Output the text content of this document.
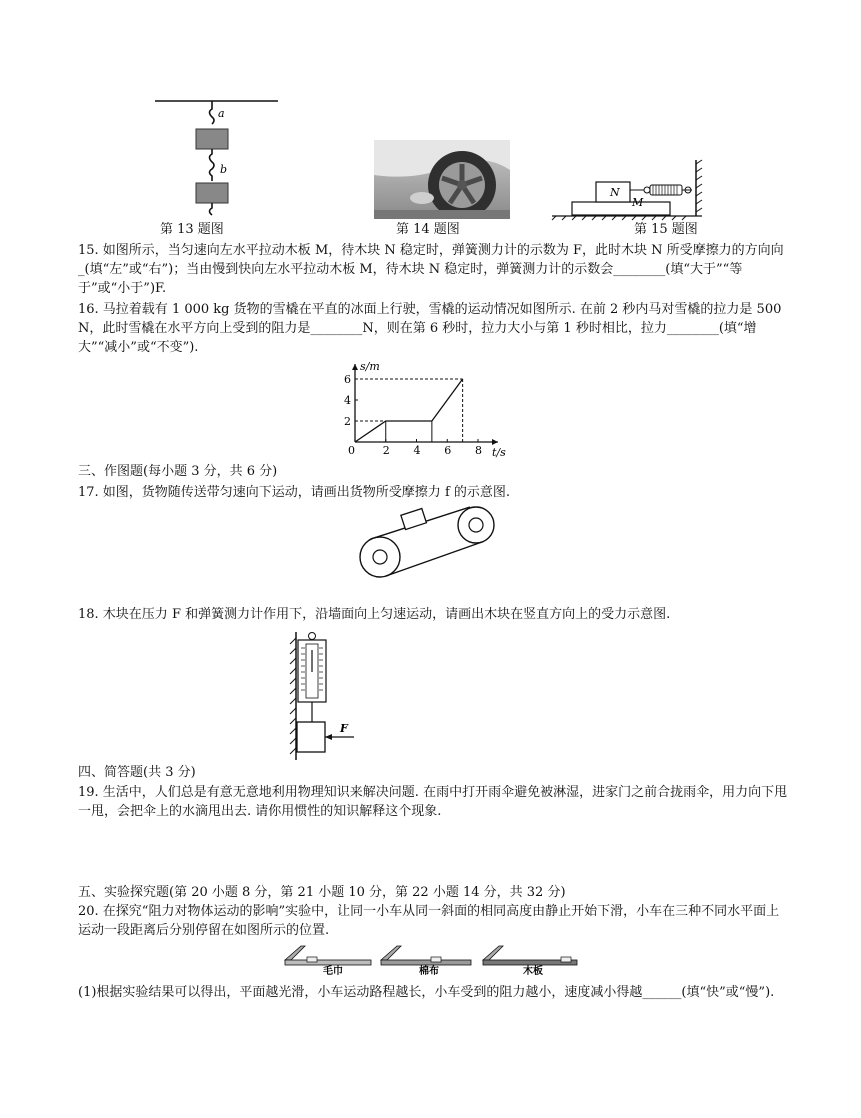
a
b
第 13 题图	第 14 题图
M
N
第 15 题图

15. 如图所示，当匀速向左水平拉动木板 M，待木块 N 稳定时，弹簧测力计的示数为 F，此时木块 N 所受摩擦力的方向向_(填“左”或“右”)；当由慢到快向左水平拉动木板 M，待木块 N 稳定时，弹簧测力计的示数会________(填“大于”“等于”或“小于”)F.

16. 马拉着载有 1 000 kg 货物的雪橇在平直的冰面上行驶，雪橇的运动情况如图所示. 在前 2 秒内马对雪橇的拉力是 500 N，此时雪橇在水平方向上受到的阻力是________N，则在第 6 秒时，拉力大小与第 1 秒时相比，拉力________(填“增大”“减小”或“不变”).

s/m
t/s
0	2 4 6 8
2
4
6

三、作图题(每小题 3 分，共 6 分)

17. 如图，货物随传送带匀速向下运动，请画出货物所受摩擦力 f 的示意图.

18. 木块在压力 F 和弹簧测力计作用下，沿墙面向上匀速运动，请画出木块在竖直方向上的受力示意图.

F

四、简答题(共 3 分)

19. 生活中，人们总是有意无意地利用物理知识来解决问题. 在雨中打开雨伞避免被淋湿，进家门之前合拢雨伞，用力向下甩一甩，会把伞上的水滴甩出去. 请你用惯性的知识解释这个现象.

五、实验探究题(第 20 小题 8 分，第 21 小题 10 分，第 22 小题 14 分，共 32 分)

20. 在探究“阻力对物体运动的影响”实验中，让同一小车从同一斜面的相同高度由静止开始下滑，小车在三种不同水平面上运动一段距离后分别停留在如图所示的位置.

毛巾	棉布	木板

(1)根据实验结果可以得出，平面越光滑，小车运动路程越长，小车受到的阻力越小，速度减小得越______(填“快”或“慢”).
